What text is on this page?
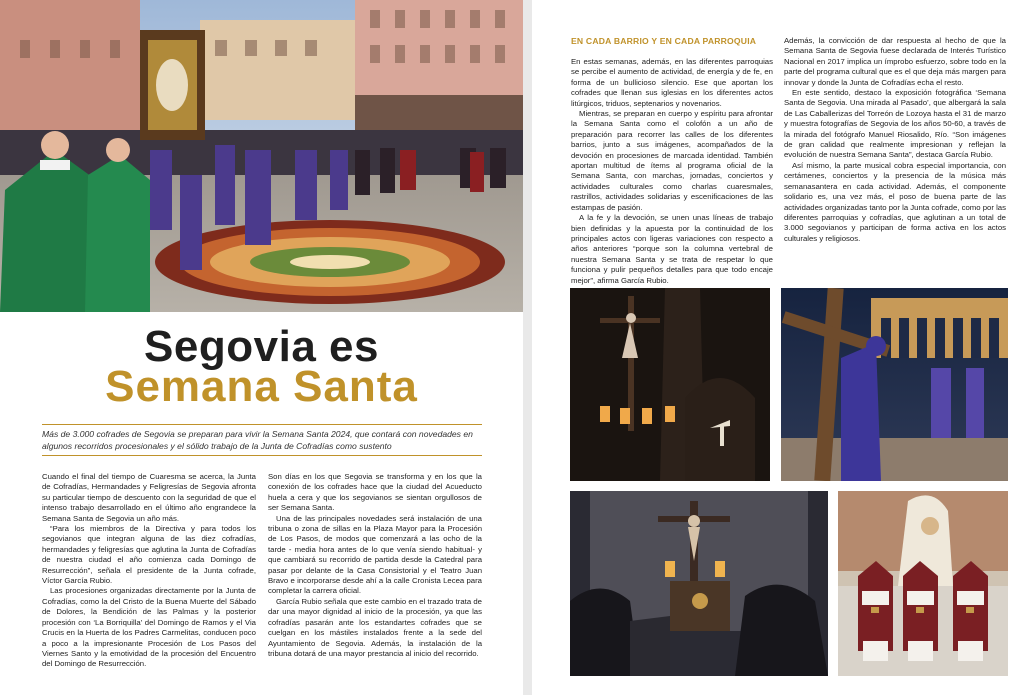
Segovia es
Semana Santa
Más de 3.000 cofrades de Segovia se preparan para vivir la Semana Santa 2024, que contará con novedades en algunos recorridos procesionales y el sólido trabajo de la Junta de Cofradías como sustento

Cuando el final del tiempo de Cuaresma se acerca, la Junta de Cofradías, Hermandades y Feligresías de Segovia afronta su particular tiempo de descuento con la seguridad de que el intenso trabajo desarrollado en el último año engrandece la Semana Santa de Segovia un año más.

“Para los miembros de la Directiva y para todos los segovianos que integran alguna de las diez cofradías, hermandades y feligresías que aglutina la Junta de Cofradías de nuestra ciudad el año comienza cada Domingo de Resurrección”, señala el presidente de la Junta cofrade, Víctor García Rubio.

Las procesiones organizadas directamente por la Junta de Cofradías, como la del Cristo de la Buena Muerte del Sábado de Dolores, la Bendición de las Palmas y la posterior procesión con ‘La Borriquilla’ del Domingo de Ramos y el Via Crucis en la Huerta de los Padres Carmelitas, conducen poco a poco a la impresionante Procesión de Los Pasos del Viernes Santo y la emotividad de la procesión del Encuentro del Domingo de Resurrección.

Son días en los que Segovia se transforma y en los que la conexión de los cofrades hace que la ciudad del Acueducto huela a cera y que los segovianos se sientan orgullosos de ser Semana Santa.

Una de las principales novedades será instalación de una tribuna o zona de sillas en la Plaza Mayor para la Procesión de Los Pasos, de modos que comenzará a las ocho de la tarde - media hora antes de lo que venía siendo habitual- y que cambiará su recorrido de partida desde la Catedral para pasar por delante de la Casa Consistorial y el Teatro Juan Bravo e incorporarse desde ahí a la calle Cronista Lecea para completar la carrera oficial.

García Rubio señala que este cambio en el trazado trata de dar una mayor dignidad al inicio de la procesión, ya que las cofradías pasarán ante los estandartes cofrades que se cuelgan en los mástiles instalados frente a la sede del Ayuntamiento de Segovia. Además, la instalación de la tribuna dotará de una mayor prestancia al inicio del recorrido.

EN CADA BARRIO Y EN CADA PARROQUIA

En estas semanas, además, en las diferentes parroquias se percibe el aumento de actividad, de energía y de fe, en forma de un bullicioso silencio. Ese que aportan los cofrades que llenan sus iglesias en los diferentes actos litúrgicos, triduos, septenarios y novenarios.

Mientras, se preparan en cuerpo y espíritu para afrontar la Semana Santa como el colofón a un año de preparación para recorrer las calles de los diferentes barrios, junto a sus imágenes, acompañados de la devoción en procesiones de marcada identidad. También aportan multitud de ítems al programa oficial de la Semana Santa, con marchas, jornadas, conciertos y actividades culturales como charlas cuaresmales, rastrillos, actividades solidarias y escenificaciones de las estampas de pasión.

A la fe y la devoción, se unen unas líneas de trabajo bien definidas y la apuesta por la continuidad de los principales actos con ligeras variaciones con respecto a años anteriores “porque son la columna vertebral de nuestra Semana Santa y se trata de respetar lo que funciona y pulir pequeños detalles para que todo encaje mejor”, afirma García Rubio.

Además, la convicción de dar respuesta al hecho de que la Semana Santa de Segovia fuese declarada de Interés Turístico Nacional en 2017 implica un ímprobo esfuerzo, sobre todo en la parte del programa cultural que es el que deja más margen para innovar y donde la Junta de Cofradías echa el resto.

En este sentido, destaco la exposición fotográfica ‘Semana Santa de Segovia. Una mirada al Pasado’, que albergará la sala de Las Caballerizas del Torreón de Lozoya hasta el 31 de marzo y muestra fotografías de Segovia de los años 50-60, a través de la mirada del fotógrafo Manuel Riosalido, Río. “Son imágenes de gran calidad que realmente impresionan y reflejan la evolución de nuestra Semana Santa”, destaca García Rubio.

Así mismo, la parte musical cobra especial importancia, con certámenes, conciertos y la presencia de la música más semanasantera en cada actividad. Además, el componente solidario es, una vez más, el poso de buena parte de las actividades organizadas tanto por la Junta cofrade, como por las diferentes parroquias y cofradías, que aglutinan a un total de 3.000 segovianos y participan de forma activa en los actos culturales y religiosos.
